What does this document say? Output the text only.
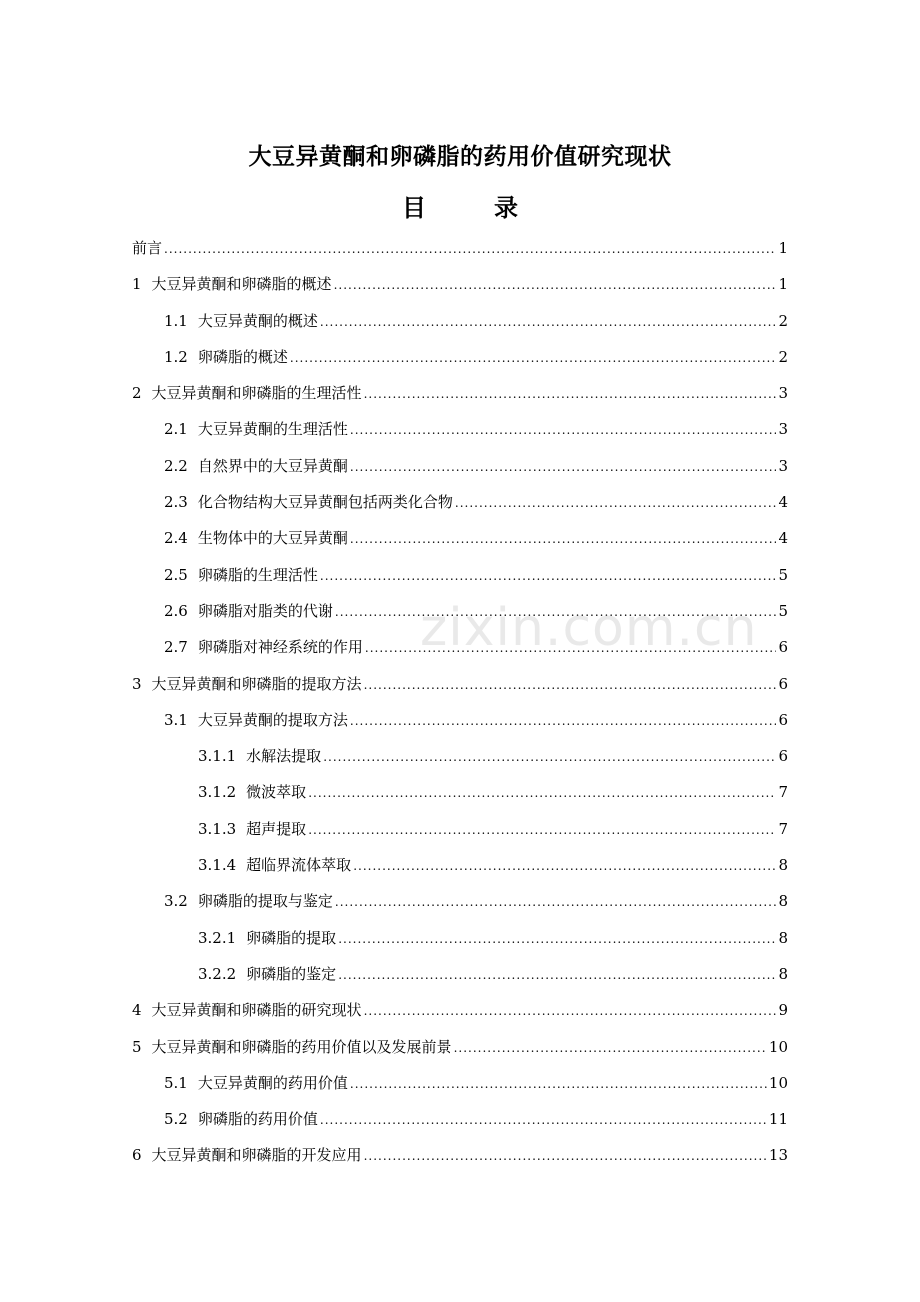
大豆异黄酮和卵磷脂的药用价值研究现状
目　录
前言 .....	1
1 大豆异黄酮和卵磷脂的概述 .....	1
1.1 大豆异黄酮的概述 .....	2
1.2 卵磷脂的概述 .....	2
2 大豆异黄酮和卵磷脂的生理活性 .....	3
2.1 大豆异黄酮的生理活性 .....	3
2.2 自然界中的大豆异黄酮 .....	3
2.3 化合物结构大豆异黄酮包括两类化合物 .....	4
2.4 生物体中的大豆异黄酮 .....	4
2.5 卵磷脂的生理活性 .....	5
2.6 卵磷脂对脂类的代谢 .....	5
2.7 卵磷脂对神经系统的作用 .....	6
3 大豆异黄酮和卵磷脂的提取方法 .....	6
3.1 大豆异黄酮的提取方法 .....	6
3.1.1 水解法提取 .....	6
3.1.2 微波萃取 .....	7
3.1.3 超声提取 .....	7
3.1.4 超临界流体萃取 .....	8
3.2 卵磷脂的提取与鉴定 .....	8
3.2.1 卵磷脂的提取 .....	8
3.2.2 卵磷脂的鉴定 .....	8
4 大豆异黄酮和卵磷脂的研究现状 .....	9
5 大豆异黄酮和卵磷脂的药用价值以及发展前景 .....	10
5.1 大豆异黄酮的药用价值 .....	10
5.2 卵磷脂的药用价值 .....	11
6 大豆异黄酮和卵磷脂的开发应用 .....	13
zixin.com.cn
